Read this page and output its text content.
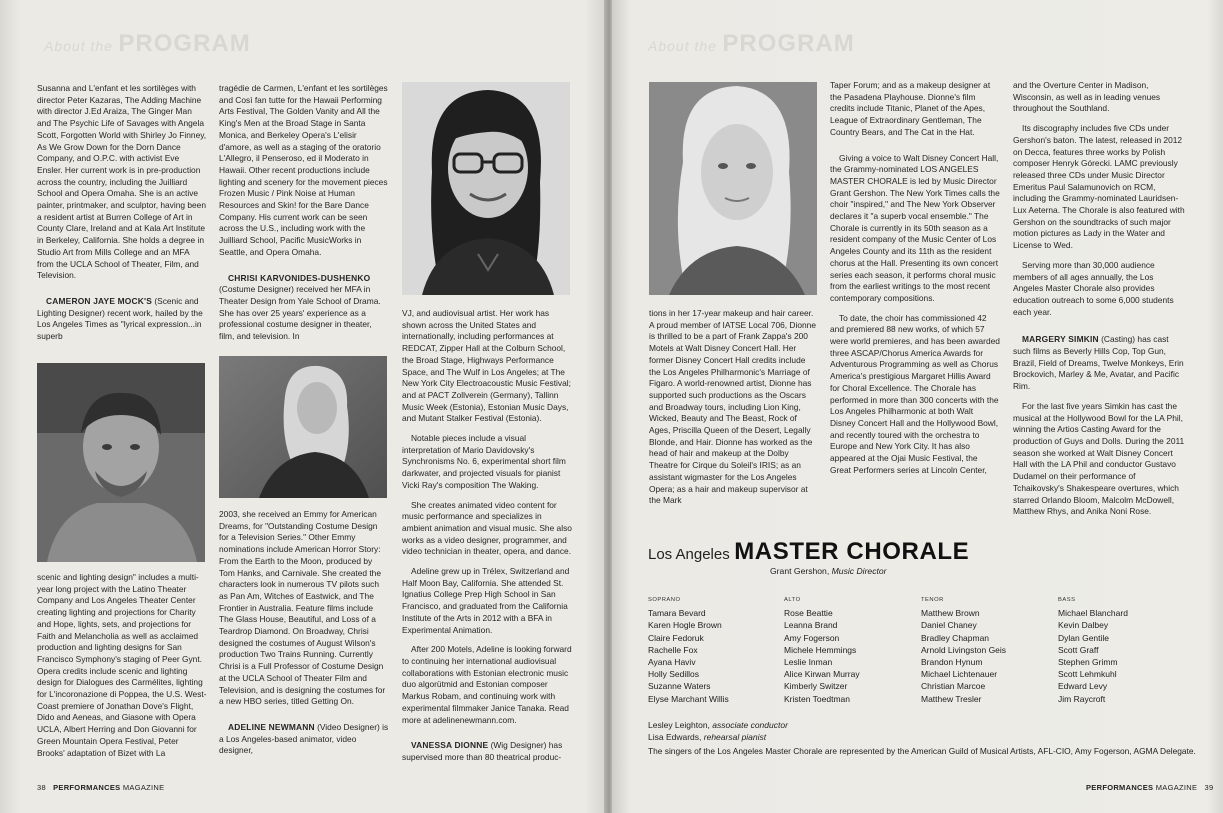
About the PROGRAM

Susanna and L'enfant et les sortilèges with director Peter Kazaras, The Adding Machine with director J.Ed Araiza, The Ginger Man and The Psychic Life of Savages with Angela Scott, Forgotten World with Shirley Jo Finney, As We Grow Down for the Dorn Dance Company, and O.P.C. with activist Eve Ensler. Her current work is in pre-production across the country, including the Juilliard School and Opera Omaha. She is an active painter, printmaker, and sculptor, having been a resident artist at Burren College of Art in County Clare, Ireland and at Kala Art Institute in Berkeley, California. She holds a degree in Studio Art from Mills College and an MFA from the UCLA School of Theater, Film, and Television.

CAMERON JAYE MOCK'S (Scenic and Lighting Designer) recent work, hailed by the Los Angeles Times as "lyrical expression...in superb

scenic and lighting design" includes a multi-year long project with the Latino Theater Company and Los Angeles Theater Center creating lighting and projections for Charity and Hope, lights, sets, and projections for Faith and Melancholia as well as acclaimed production and lighting designs for San Francisco Symphony's staging of Peer Gynt. Opera credits include scenic and lighting design for Dialogues des Carmélites, lighting for L'incoronazione di Poppea, the U.S. West-Coast premiere of Jonathan Dove's Flight, Dido and Aeneas, and Giasone with Opera UCLA, Albert Herring and Don Giovanni for Green Mountain Opera Festival, Peter Brooks' adaptation of Bizet with La

tragédie de Carmen, L'enfant et les sortilèges and Così fan tutte for the Hawaii Performing Arts Festival, The Golden Vanity and All the King's Men at the Broad Stage in Santa Monica, and Berkeley Opera's L'elisir d'amore, as well as a staging of the oratorio L'Allegro, il Penseroso, ed il Moderato in Hawaii. Other recent productions include lighting and scenery for the movement pieces Frozen Music / Pink Noise at Human Resources and Skin! for the Bare Dance Company. His current work can be seen across the U.S., including work with the Juilliard School, Pacific MusicWorks in Seattle, and Opera Omaha.

CHRISI KARVONIDES-DUSHENKO (Costume Designer) received her MFA in Theater Design from Yale School of Drama. She has over 25 years' experience as a professional costume designer in theater, film, and television. In

2003, she received an Emmy for American Dreams, for "Outstanding Costume Design for a Television Series." Other Emmy nominations include American Horror Story: From the Earth to the Moon, produced by Tom Hanks, and Carnivale. She created the characters look in numerous TV pilots such as Pan Am, Witches of Eastwick, and The Frontier in Australia. Feature films include The Glass House, Beautiful, and Loss of a Teardrop Diamond. On Broadway, Chrisi designed the costumes of August Wilson's production Two Trains Running. Currently Chrisi is a Full Professor of Costume Design at the UCLA School of Theater Film and Television, and is designing the costumes for a new HBO series, titled Getting On.

ADELINE NEWMANN (Video Designer) is a Los Angeles-based animator, video designer,

VJ, and audiovisual artist. Her work has shown across the United States and internationally, including performances at REDCAT, Zipper Hall at the Colburn School, the Broad Stage, Highways Performance Space, and The Wulf in Los Angeles; at The New York City Electroacoustic Music Festival; and at PACT Zollverein (Germany), Tallinn Music Week (Estonia), Estonian Music Days, and Mutant Stalker Festival (Estonia).

Notable pieces include a visual interpretation of Mario Davidovsky's Synchronisms No. 6, experimental short film darkwater, and projected visuals for pianist Vicki Ray's composition The Waking.

She creates animated video content for music performance and specializes in ambient animation and visual music. She also works as a video designer, programmer, and video technician in theater, opera, and dance.

Adeline grew up in Trélex, Switzerland and Half Moon Bay, California. She attended St. Ignatius College Prep High School in San Francisco, and graduated from the California Institute of the Arts in 2012 with a BFA in Experimental Animation.

After 200 Motels, Adeline is looking forward to continuing her international audiovisual collaborations with Estonian electronic music duo algorütmid and Estonian composer Markus Robam, and continuing work with experimental filmmaker Janice Tanaka. Read more at adelinenewmann.com.

VANESSA DIONNE (Wig Designer) has supervised more than 80 theatrical produc-

38 PERFORMANCES MAGAZINE
About the PROGRAM

tions in her 17-year makeup and hair career. A proud member of IATSE Local 706, Dionne is thrilled to be a part of Frank Zappa's 200 Motels at Walt Disney Concert Hall. Her former Disney Concert Hall credits include the Los Angeles Philharmonic's Marriage of Figaro. A world-renowned artist, Dionne has supported such productions as the Oscars and Broadway tours, including Lion King, Wicked, Beauty and The Beast, Rock of Ages, Priscilla Queen of the Desert, Legally Blonde, and Hair. Dionne has worked as the head of hair and makeup at the Dolby Theatre for Cirque du Soleil's IRIS; as an assistant wigmaster for the Los Angeles Opera; as a hair and makeup supervisor at the Mark

Taper Forum; and as a makeup designer at the Pasadena Playhouse. Dionne's film credits include Titanic, Planet of the Apes, League of Extraordinary Gentleman, The Country Bears, and The Cat in the Hat.

Giving a voice to Walt Disney Concert Hall, the Grammy-nominated LOS ANGELES MASTER CHORALE is led by Music Director Grant Gershon. The New York Times calls the choir "inspired," and The New York Observer declares it "a superb vocal ensemble." The Chorale is currently in its 50th season as a resident company of the Music Center of Los Angeles County and its 11th as the resident chorus at the Hall. Presenting its own concert series each season, it performs choral music from the earliest writings to the most recent contemporary compositions.

To date, the choir has commissioned 42 and premiered 88 new works, of which 57 were world premieres, and has been awarded three ASCAP/Chorus America Awards for Adventurous Programming as well as Chorus America's prestigious Margaret Hillis Award for Choral Excellence. The Chorale has performed in more than 300 concerts with the Los Angeles Philharmonic at both Walt Disney Concert Hall and the Hollywood Bowl, and recently toured with the orchestra to Europe and New York City. It has also appeared at the Ojai Music Festival, the Great Performers series at Lincoln Center,

and the Overture Center in Madison, Wisconsin, as well as in leading venues throughout the Southland.

Its discography includes five CDs under Gershon's baton. The latest, released in 2012 on Decca, features three works by Polish composer Henryk Górecki. LAMC previously released three CDs under Music Director Emeritus Paul Salamunovich on RCM, including the Grammy-nominated Lauridsen-Lux Aeterna. The Chorale is also featured with Gershon on the soundtracks of such major motion pictures as Lady in the Water and License to Wed.

Serving more than 30,000 audience members of all ages annually, the Los Angeles Master Chorale also provides education outreach to some 6,000 students each year.

MARGERY SIMKIN (Casting) has cast such films as Beverly Hills Cop, Top Gun, Brazil, Field of Dreams, Twelve Monkeys, Erin Brockovich, Marley & Me, Avatar, and Pacific Rim.

For the last five years Simkin has cast the musical at the Hollywood Bowl for the LA Phil, winning the Artios Casting Award for the production of Guys and Dolls. During the 2011 season she worked at Walt Disney Concert Hall with the LA Phil and conductor Gustavo Dudamel on their performance of Tchaikovsky's Shakespeare overtures, which starred Orlando Bloom, Malcolm McDowell, Matthew Rhys, and Anika Noni Rose.

PERFORMANCES MAGAZINE 39
Los Angeles MASTER CHORALE
Grant Gershon, Music Director
SOPRANO
Tamara Bevard
Karen Hogle Brown
Claire Fedoruk
Rachelle Fox
Ayana Haviv
Holly Sedillos
Suzanne Waters
Elyse Marchant Willis
ALTO
Rose Beattie
Leanna Brand
Amy Fogerson
Michele Hemmings
Leslie Inman
Alice Kirwan Murray
Kimberly Switzer
Kristen Toedtman
TENOR
Matthew Brown
Daniel Chaney
Bradley Chapman
Arnold Livingston Geis
Brandon Hynum
Michael Lichtenauer
Christian Marcoe
Matthew Tresler
BASS
Michael Blanchard
Kevin Dalbey
Dylan Gentile
Scott Graff
Stephen Grimm
Scott Lehmkuhl
Edward Levy
Jim Raycroft
Lesley Leighton, associate conductor
Lisa Edwards, rehearsal pianist
The singers of the Los Angeles Master Chorale are represented by the American Guild of Musical Artists, AFL-CIO, Amy Fogerson, AGMA Delegate.
